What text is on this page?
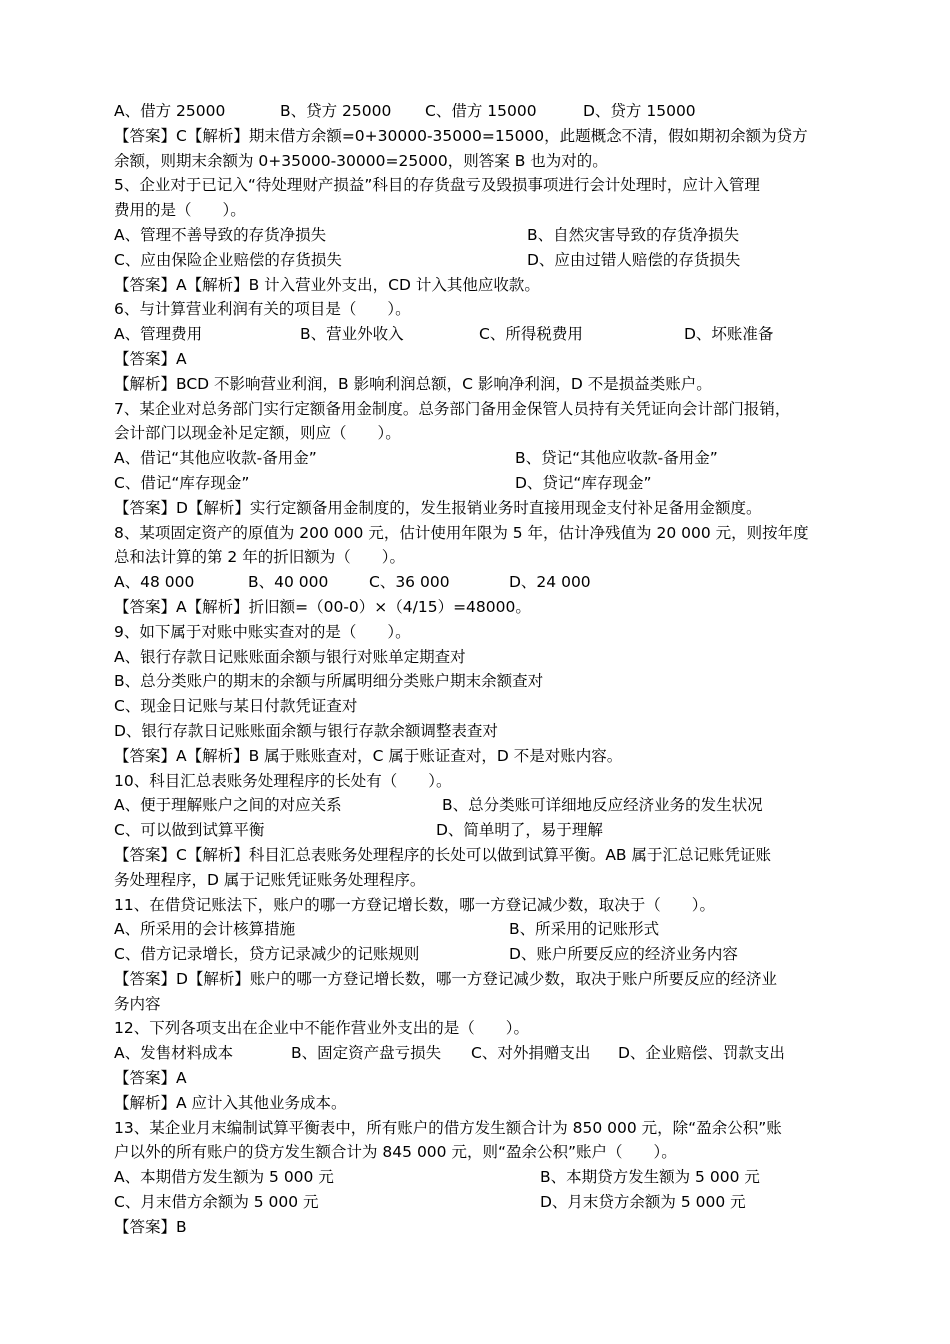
A、借方 25000	B、贷方 25000 C、借方 15000	D、贷方 15000
【答案】C【解析】期末借方余额=0+30000-35000=15000，此题概念不清，假如期初余额为贷方
余额，则期末余额为 0+35000-30000=25000，则答案 B 也为对的。
5、企业对于已记入“待处理财产损益”科目的存货盘亏及毁损事项进行会计处理时，应计入管理
费用的是（　　）。
A、管理不善导致的存货净损失	B、自然灾害导致的存货净损失
C、应由保险企业赔偿的存货损失	D、应由过错人赔偿的存货损失
【答案】A【解析】B 计入营业外支出，CD 计入其他应收款。
6、与计算营业利润有关的项目是（　　）。
A、管理费用	B、营业外收入	C、所得税费用	D、坏账准备
【答案】A
【解析】BCD 不影响营业利润，B 影响利润总额，C 影响净利润，D 不是损益类账户。
7、某企业对总务部门实行定额备用金制度。总务部门备用金保管人员持有关凭证向会计部门报销，
会计部门以现金补足定额，则应（　　）。
A、借记“其他应收款-备用金”	B、贷记“其他应收款-备用金”
C、借记“库存现金”	D、贷记“库存现金”
【答案】D【解析】实行定额备用金制度的，发生报销业务时直接用现金支付补足备用金额度。
8、某项固定资产的原值为 200 000 元，估计使用年限为 5 年，估计净残值为 20 000 元，则按年度
总和法计算的第 2 年的折旧额为（　　）。
A、48 000	B、40 000	C、36 000	D、24 000
【答案】A【解析】折旧额=（00-0）×（4/15）=48000。
9、如下属于对账中账实查对的是（　　）。
A、银行存款日记账账面余额与银行对账单定期查对
B、总分类账户的期末的余额与所属明细分类账户期末余额查对
C、现金日记账与某日付款凭证查对
D、银行存款日记账账面余额与银行存款余额调整表查对
【答案】A【解析】B 属于账账查对，C 属于账证查对，D 不是对账内容。
10、科目汇总表账务处理程序的长处有（　　）。
A、便于理解账户之间的对应关系	B、总分类账可详细地反应经济业务的发生状况
C、可以做到试算平衡	D、简单明了，易于理解
【答案】C【解析】科目汇总表账务处理程序的长处可以做到试算平衡。AB 属于汇总记账凭证账
务处理程序，D 属于记账凭证账务处理程序。
11、在借贷记账法下，账户的哪一方登记增长数，哪一方登记减少数，取决于（　　）。
A、所采用的会计核算措施	B、所采用的记账形式
C、借方记录增长，贷方记录减少的记账规则	D、账户所要反应的经济业务内容
【答案】D【解析】账户的哪一方登记增长数，哪一方登记减少数，取决于账户所要反应的经济业
务内容
12、下列各项支出在企业中不能作营业外支出的是（　　）。
A、发售材料成本	B、固定资产盘亏损失 C、对外捐赠支出 D、企业赔偿、罚款支出
【答案】A
【解析】A 应计入其他业务成本。
13、某企业月末编制试算平衡表中，所有账户的借方发生额合计为 850 000 元，除“盈余公积”账
户以外的所有账户的贷方发生额合计为 845 000 元，则“盈余公积”账户（　　）。
A、本期借方发生额为 5 000 元	B、本期贷方发生额为 5 000 元
C、月末借方余额为 5 000 元	D、月末贷方余额为 5 000 元
【答案】B
